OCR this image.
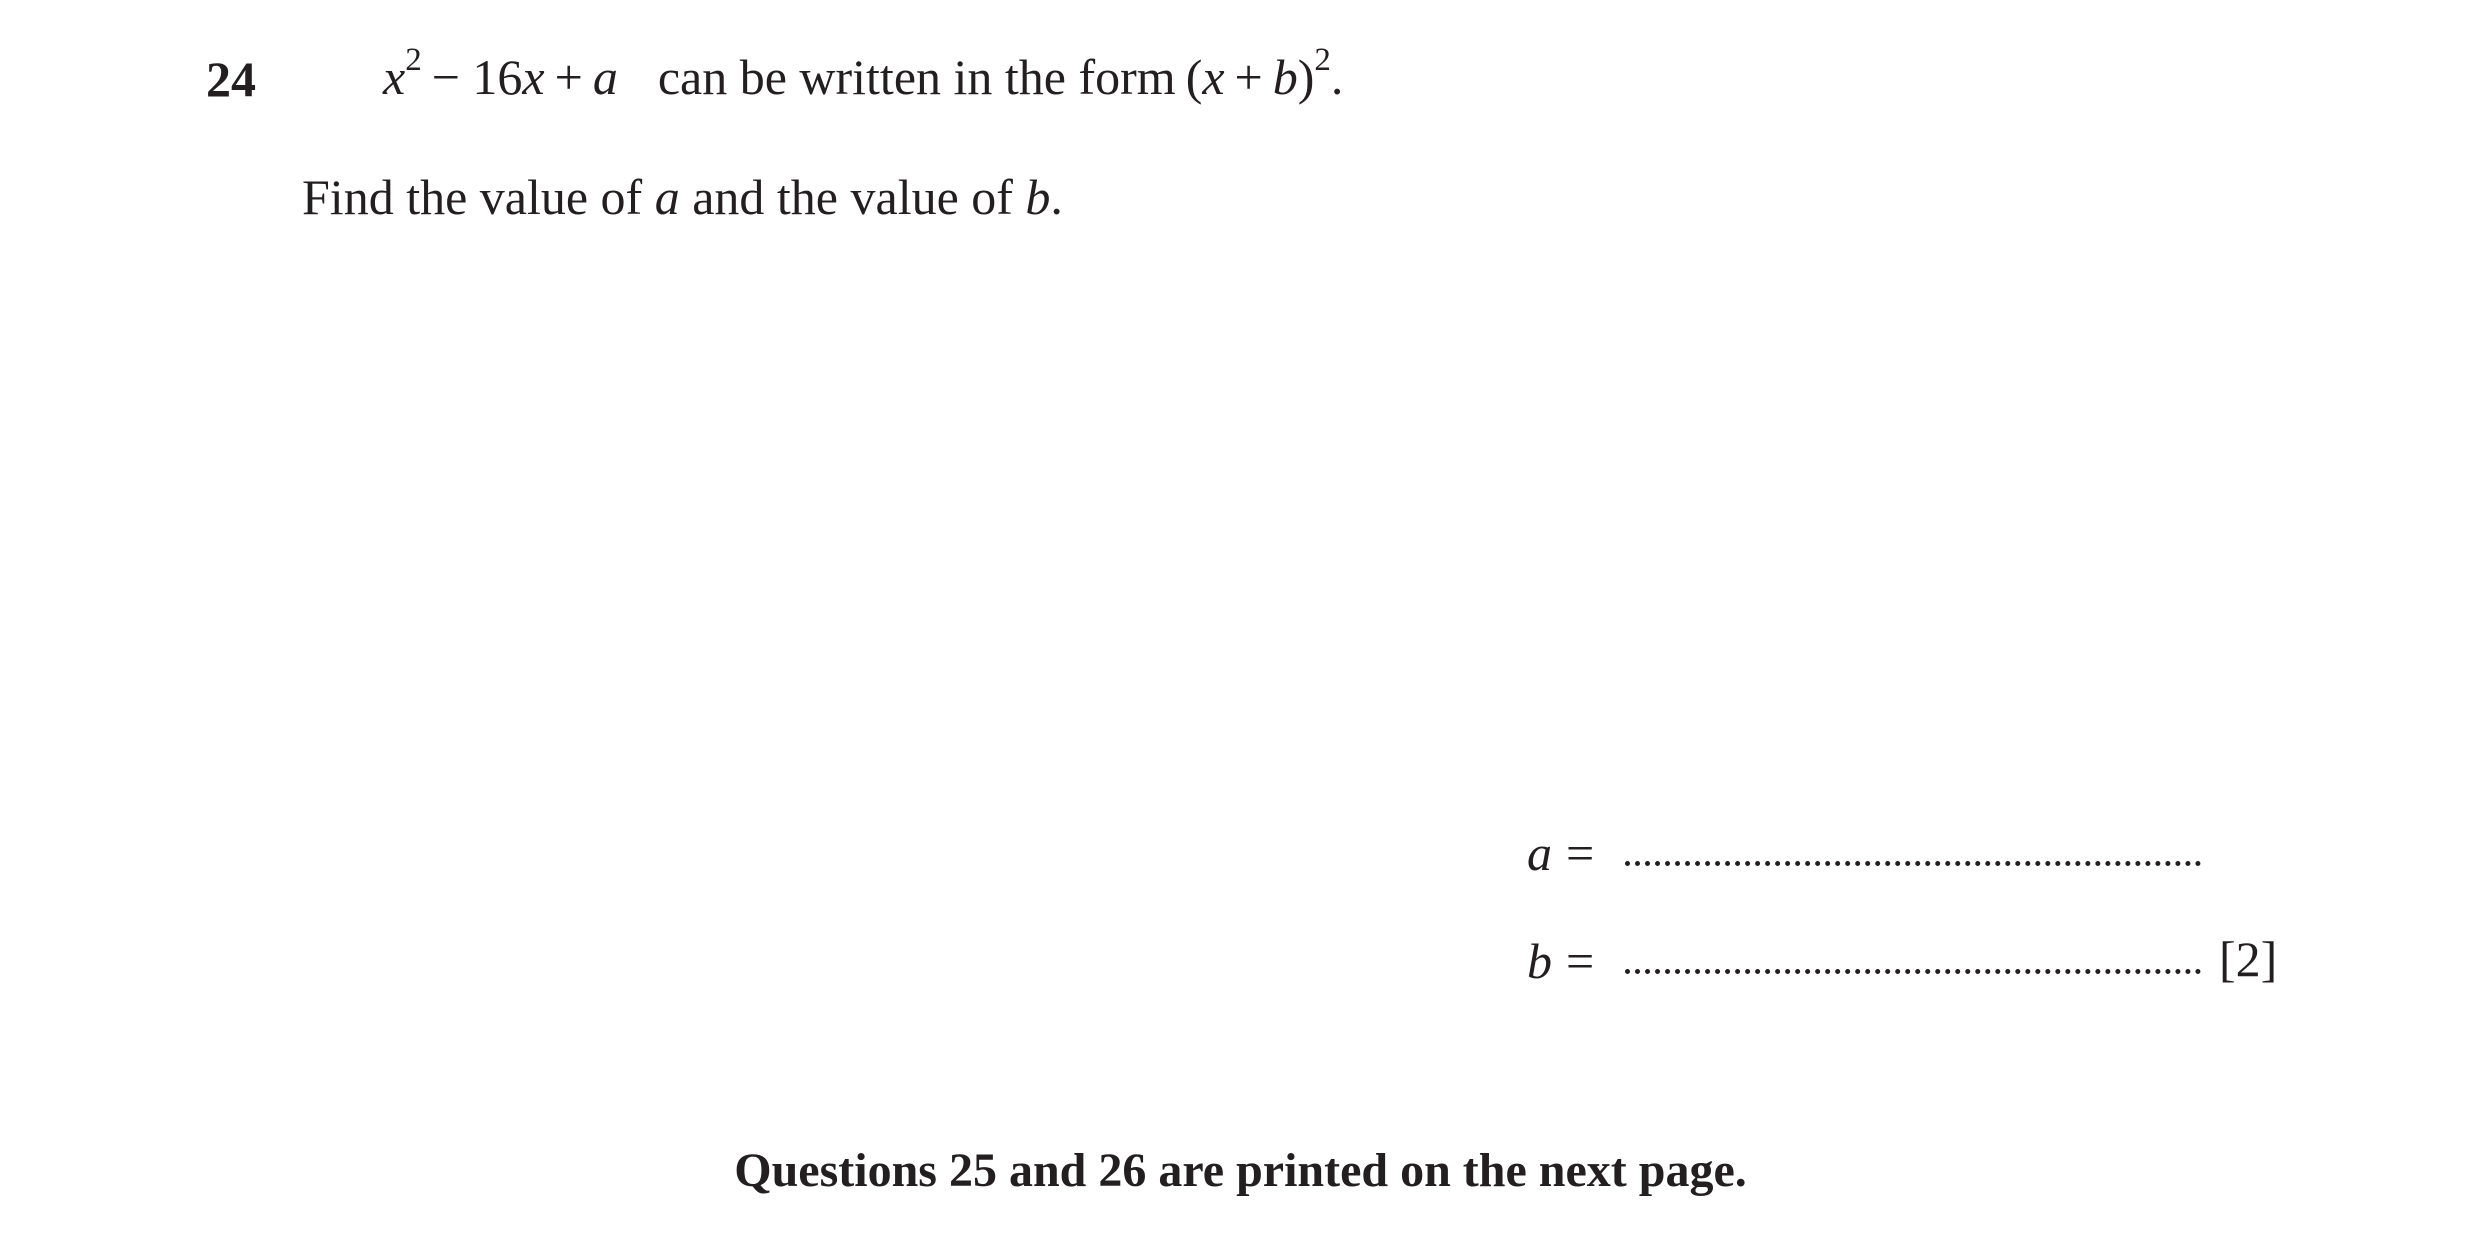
24	$x^2 - 16x + a$ can be written in the form $(x + b)^2$.
Find the value of a and the value of b.
a =
b =	[2]
Questions 25 and 26 are printed on the next page.
